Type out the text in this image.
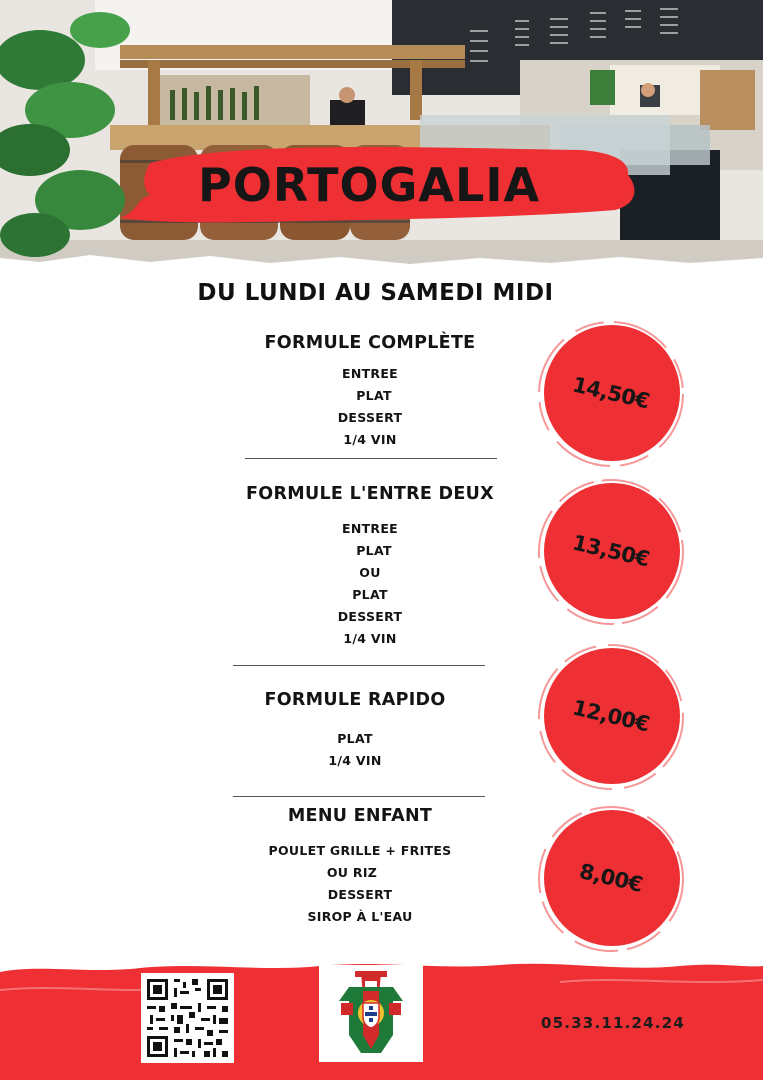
PORTOGALIA
DU LUNDI AU SAMEDI MIDI
FORMULE COMPLÈTE
ENTREE
PLAT
DESSERT
1/4 VIN
FORMULE L'ENTRE DEUX
ENTREE
PLAT
OU
PLAT
DESSERT
1/4 VIN
FORMULE RAPIDO
PLAT
1/4 VIN
MENU ENFANT
POULET GRILLE + FRITES
OU RIZ
DESSERT
SIROP À L'EAU
14,50€
13,50€
12,00€
8,00€
05.33.11.24.24
